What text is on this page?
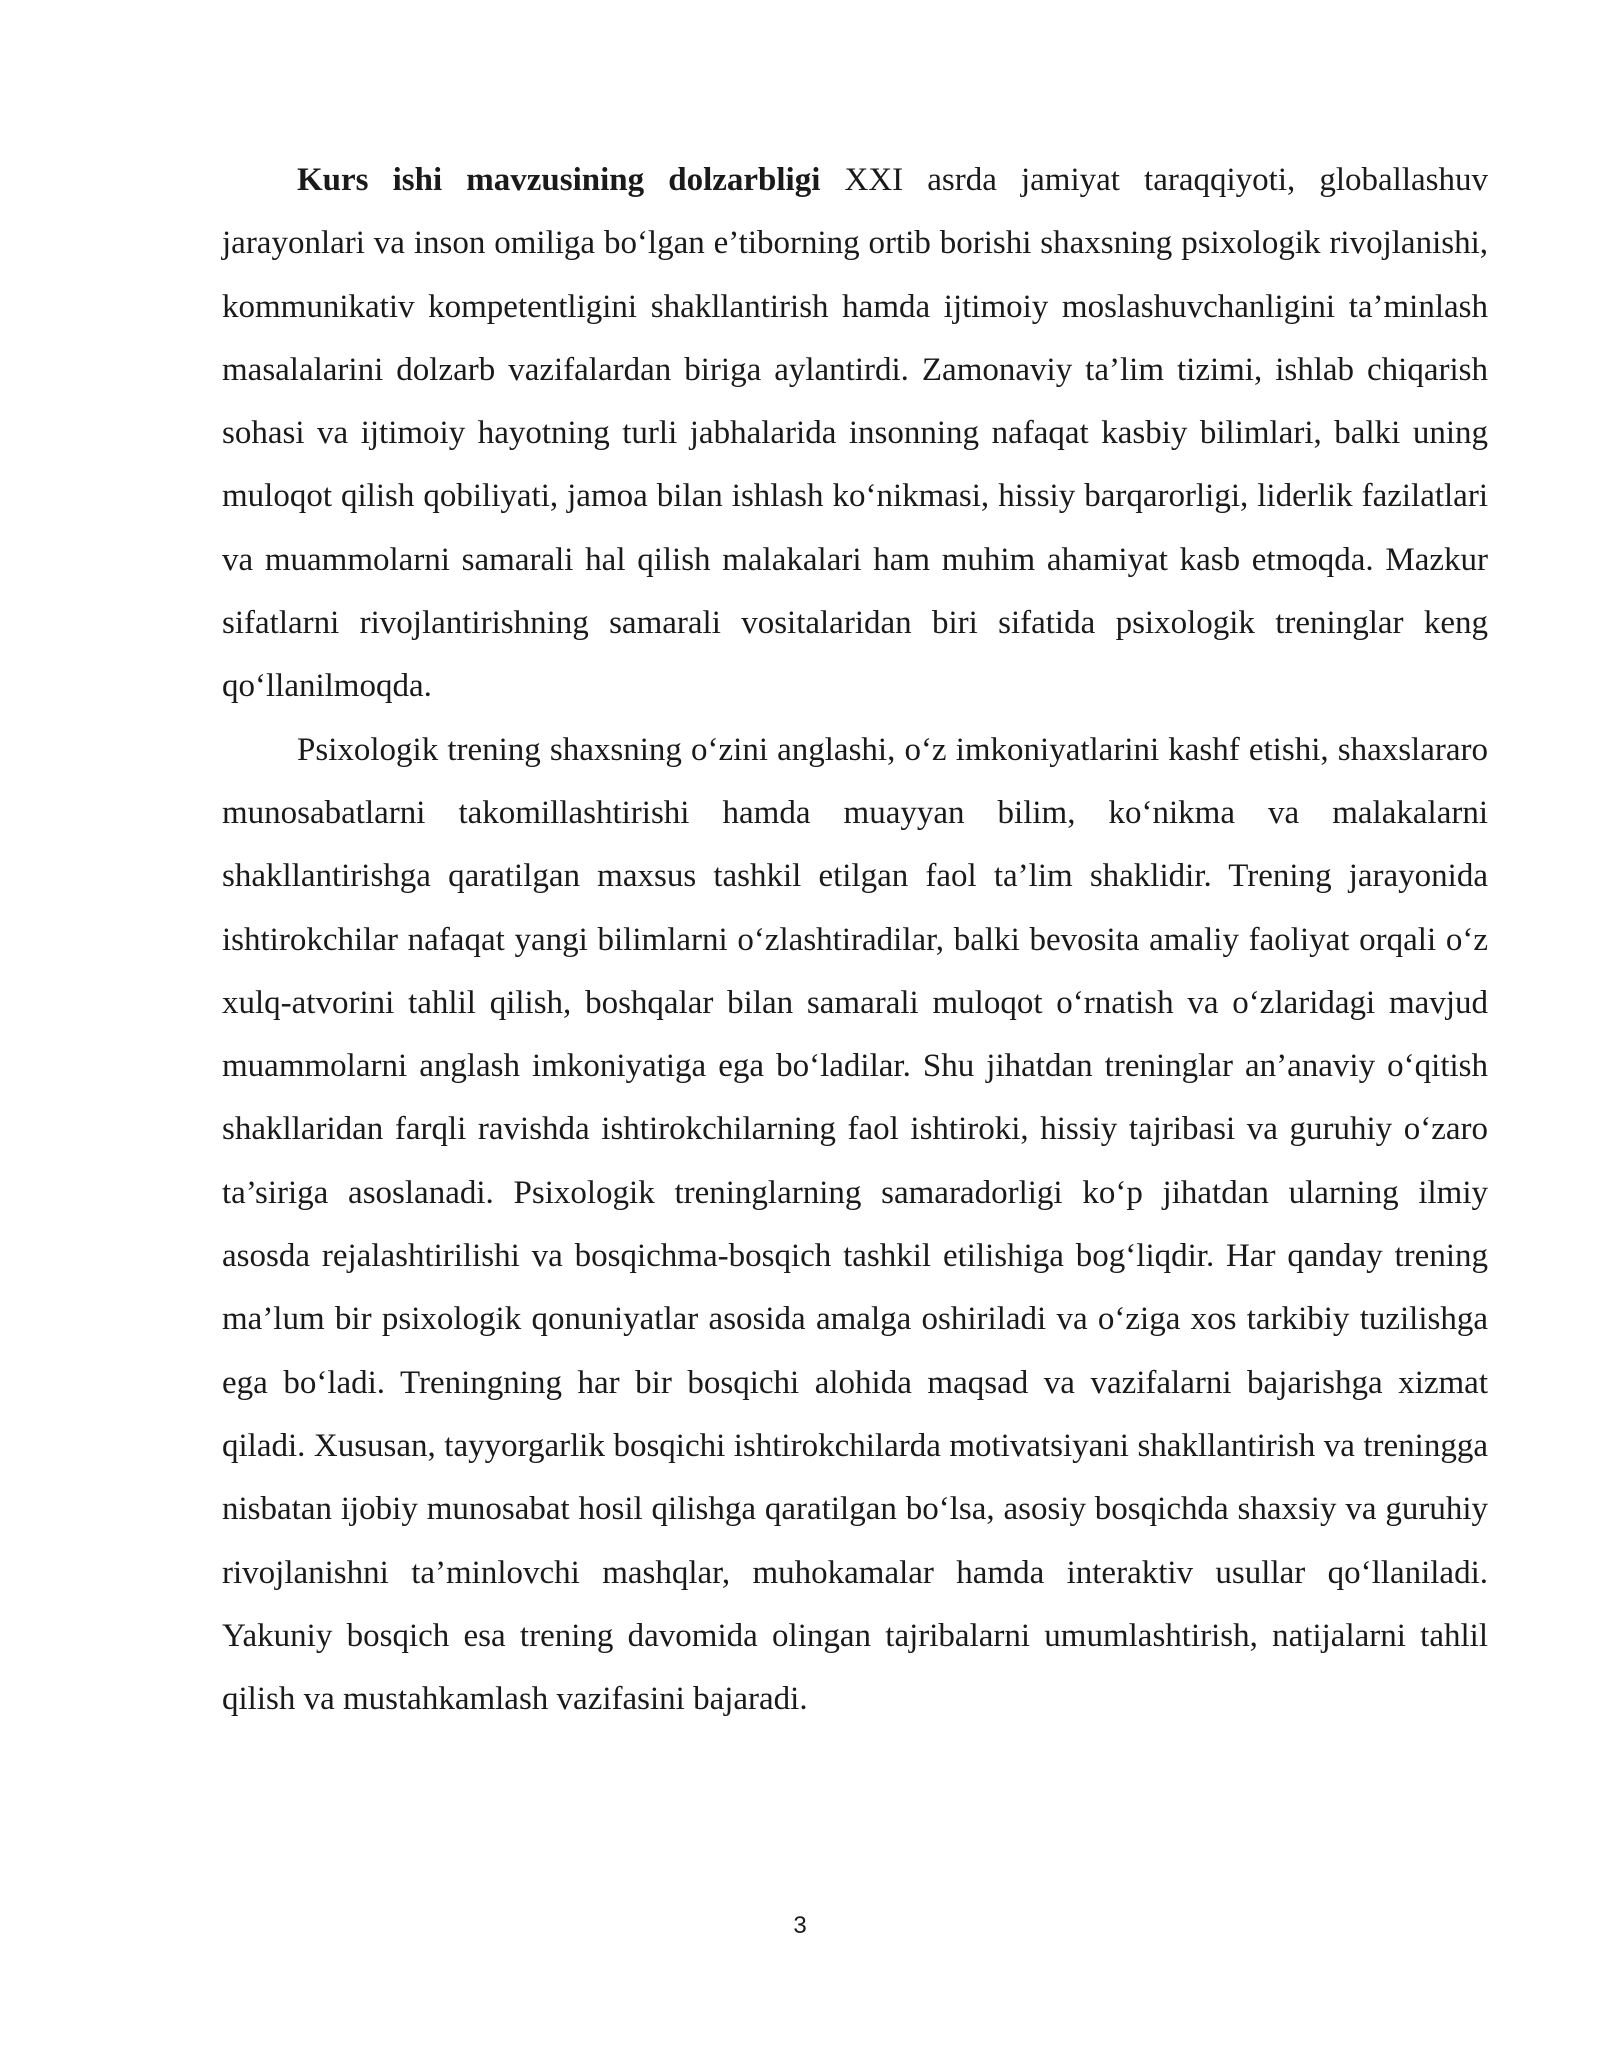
Kurs ishi mavzusining dolzarbligi XXI asrda jamiyat taraqqiyoti, globallashuv jarayonlari va inson omiliga bo‘lgan e’tiborning ortib borishi shaxsning psixologik rivojlanishi, kommunikativ kompetentligini shakllantirish hamda ijtimoiy moslashuvchanligini ta’minlash masalalarini dolzarb vazifalardan biriga aylantirdi. Zamonaviy ta’lim tizimi, ishlab chiqarish sohasi va ijtimoiy hayotning turli jabhalarida insonning nafaqat kasbiy bilimlari, balki uning muloqot qilish qobiliyati, jamoa bilan ishlash ko‘nikmasi, hissiy barqarorligi, liderlik fazilatlari va muammolarni samarali hal qilish malakalari ham muhim ahamiyat kasb etmoqda. Mazkur sifatlarni rivojlantirishning samarali vositalaridan biri sifatida psixologik treninglar keng qo‘llanilmoqda.

Psixologik trening shaxsning o‘zini anglashi, o‘z imkoniyatlarini kashf etishi, shaxslararo munosabatlarni takomillashtirishi hamda muayyan bilim, ko‘nikma va malakalarni shakllantirishga qaratilgan maxsus tashkil etilgan faol ta’lim shaklidir. Trening jarayonida ishtirokchilar nafaqat yangi bilimlarni o‘zlashtiradilar, balki bevosita amaliy faoliyat orqali o‘z xulq-atvorini tahlil qilish, boshqalar bilan samarali muloqot o‘rnatish va o‘zlaridagi mavjud muammolarni anglash imkoniyatiga ega bo‘ladilar. Shu jihatdan treninglar an’anaviy o‘qitish shakllaridan farqli ravishda ishtirokchilarning faol ishtiroki, hissiy tajribasi va guruhiy o‘zaro ta’siriga asoslanadi. Psixologik treninglarning samaradorligi ko‘p jihatdan ularning ilmiy asosda rejalashtirilishi va bosqichma-bosqich tashkil etilishiga bog‘liqdir. Har qanday trening ma’lum bir psixologik qonuniyatlar asosida amalga oshiriladi va o‘ziga xos tarkibiy tuzilishga ega bo‘ladi. Treningning har bir bosqichi alohida maqsad va vazifalarni bajarishga xizmat qiladi. Xususan, tayyorgarlik bosqichi ishtirokchilarda motivatsiyani shakllantirish va treningga nisbatan ijobiy munosabat hosil qilishga qaratilgan bo‘lsa, asosiy bosqichda shaxsiy va guruhiy rivojlanishni ta’minlovchi mashqlar, muhokamalar hamda interaktiv usullar qo‘llaniladi. Yakuniy bosqich esa trening davomida olingan tajribalarni umumlashtirish, natijalarni tahlil qilish va mustahkamlash vazifasini bajaradi.

3
